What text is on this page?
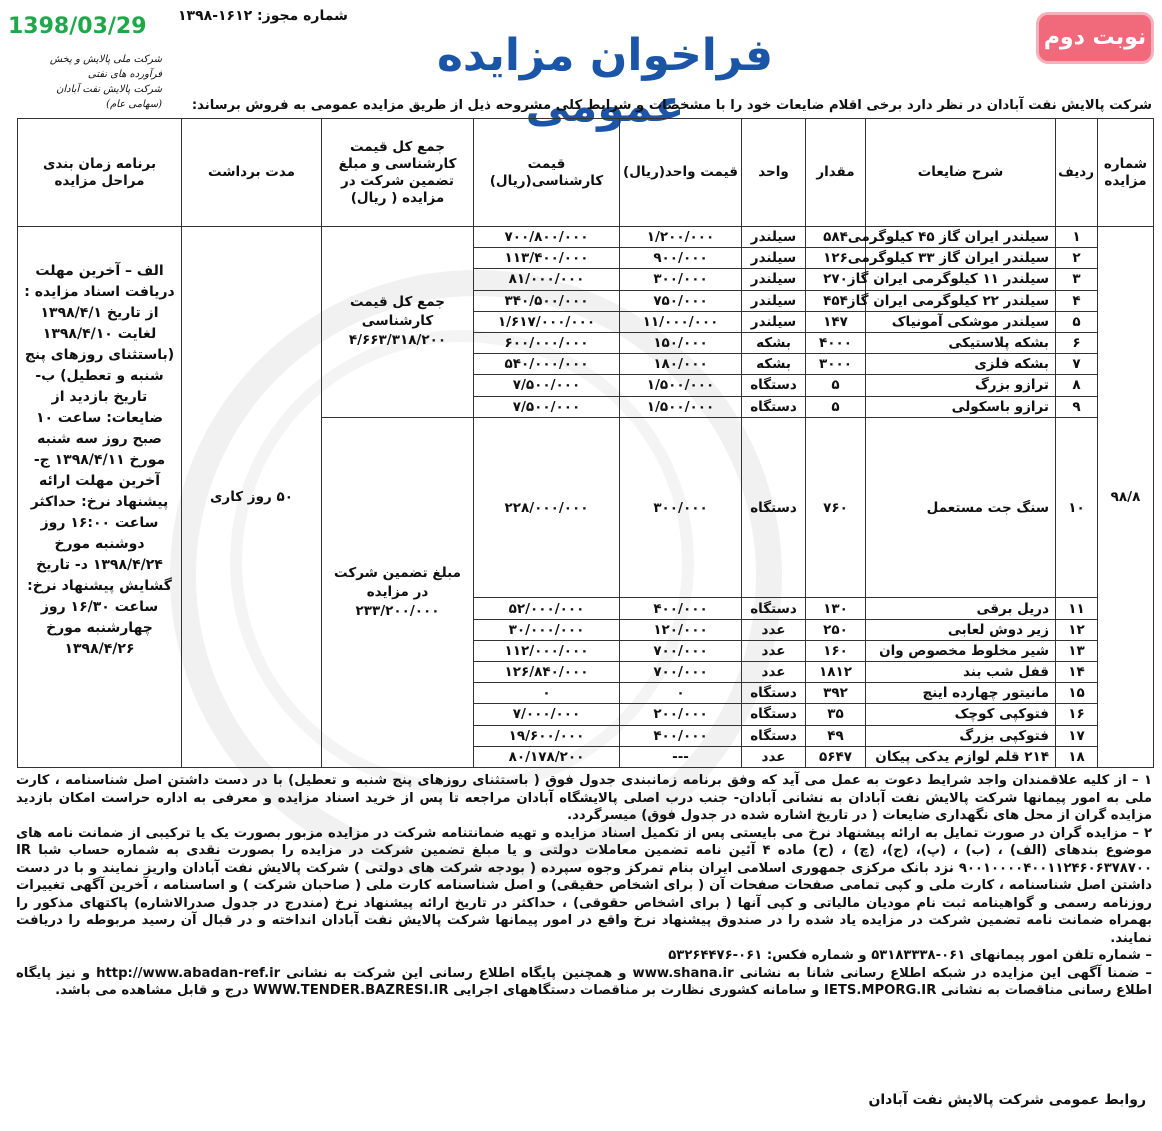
1398/03/29
شرکت ملی پالایش و پخش فرآورده های نفتی
شرکت پالایش نفت آبادان (سهامی عام)
شماره مجوز: ۱۶۱۲-۱۳۹۸
فراخوان مزایده عمومی
نوبت دوم
شرکت پالایش نفت آبادان در نظر دارد برخی اقلام ضایعات خود را با مشخصات و شرایط کلی مشروحه ذیل از طریق مزایده عمومی به فروش برساند:
شماره مزایده	ردیف	شرح ضایعات	مقدار	واحد	قیمت واحد(ریال)	قیمت کارشناسی(ریال)	جمع کل قیمت کارشناسی و مبلغ تضمین شرکت در مزایده ( ریال)	مدت برداشت	برنامه زمان بندی مراحل مزایده
۹۸/۸	۱	سیلندر ایران گاز ۴۵ کیلوگرمی	۵۸۴	سیلندر	۱/۲۰۰/۰۰۰	۷۰۰/۸۰۰/۰۰۰	جمع کل قیمت کارشناسی ۴/۶۶۳/۳۱۸/۲۰۰	۵۰ روز کاری	الف – آخرین مهلت دریافت اسناد مزایده : از تاریخ ۱۳۹۸/۴/۱ لغایت ۱۳۹۸/۴/۱۰ (باستثنای روزهای پنج شنبه و تعطیل) ب- تاریخ بازدید از ضایعات: ساعت ۱۰ صبح روز سه شنبه مورخ ۱۳۹۸/۴/۱۱ ج- آخرین مهلت ارائه پیشنهاد نرخ: حداکثر ساعت ۱۶:۰۰ روز دوشنبه مورخ ۱۳۹۸/۴/۲۴ د- تاریخ گشایش پیشنهاد نرخ: ساعت ۱۶/۳۰ روز چهارشنبه مورخ ۱۳۹۸/۴/۲۶
	۲	سیلندر ایران گاز ۳۳ کیلوگرمی	۱۲۶	سیلندر	۹۰۰/۰۰۰	۱۱۳/۴۰۰/۰۰۰			
	۳	سیلندر ۱۱ کیلوگرمی ایران گاز	۲۷۰	سیلندر	۳۰۰/۰۰۰	۸۱/۰۰۰/۰۰۰			
	۴	سیلندر ۲۲ کیلوگرمی ایران گاز	۴۵۴	سیلندر	۷۵۰/۰۰۰	۳۴۰/۵۰۰/۰۰۰			
	۵	سیلندر موشکی آمونیاک	۱۴۷	سیلندر	۱۱/۰۰۰/۰۰۰	۱/۶۱۷/۰۰۰/۰۰۰			
	۶	بشکه پلاستیکی	۴۰۰۰	بشکه	۱۵۰/۰۰۰	۶۰۰/۰۰۰/۰۰۰			
	۷	بشکه فلزی	۳۰۰۰	بشکه	۱۸۰/۰۰۰	۵۴۰/۰۰۰/۰۰۰			
	۸	ترازو بزرگ	۵	دستگاه	۱/۵۰۰/۰۰۰	۷/۵۰۰/۰۰۰			
	۹	ترازو باسکولی	۵	دستگاه	۱/۵۰۰/۰۰۰	۷/۵۰۰/۰۰۰			
	۱۰	سنگ جت مستعمل	۷۶۰	دستگاه	۳۰۰/۰۰۰	۲۲۸/۰۰۰/۰۰۰	مبلغ تضمین شرکت در مزایده ۲۳۳/۲۰۰/۰۰۰		
	۱۱	دریل برقی	۱۳۰	دستگاه	۴۰۰/۰۰۰	۵۲/۰۰۰/۰۰۰			
	۱۲	زیر دوش لعابی	۲۵۰	عدد	۱۲۰/۰۰۰	۳۰/۰۰۰/۰۰۰			
	۱۳	شیر مخلوط مخصوص وان	۱۶۰	عدد	۷۰۰/۰۰۰	۱۱۲/۰۰۰/۰۰۰			
	۱۴	قفل شب بند	۱۸۱۲	عدد	۷۰۰/۰۰۰	۱۲۶/۸۴۰/۰۰۰			
	۱۵	مانیتور چهارده اینچ	۳۹۲	دستگاه	۰	۰			
	۱۶	فتوکپی کوچک	۳۵	دستگاه	۲۰۰/۰۰۰	۷/۰۰۰/۰۰۰			
	۱۷	فتوکپی بزرگ	۴۹	دستگاه	۴۰۰/۰۰۰	۱۹/۶۰۰/۰۰۰			
	۱۸	۲۱۴ قلم لوازم یدکی پیکان	۵۶۴۷	عدد	---	۸۰/۱۷۸/۲۰۰			

۱ – از کلیه علاقمندان واجد شرایط دعوت به عمل می آید که وفق برنامه زمانبندی جدول فوق ( باستثنای روزهای پنج شنبه و تعطیل) با در دست داشتن اصل شناسنامه ، کارت ملی به امور پیمانها شرکت پالایش نفت آبادان به نشانی آبادان- جنب درب اصلی پالایشگاه آبادان مراجعه تا پس از خرید اسناد مزایده و معرفی به اداره حراست امکان بازدید مزایده گران از محل های نگهداری ضایعات ( در تاریخ اشاره شده در جدول فوق) میسرگردد.

۲ – مزایده گران در صورت تمایل به ارائه پیشنهاد نرخ می بایستی پس از تکمیل اسناد مزایده و تهیه ضمانتنامه شرکت در مزایده مزبور بصورت یک یا ترکیبی از ضمانت نامه های موضوع بندهای (الف) ، (ب) ، (پ)، (ج)، (چ) ، (ح) ماده ۴ آئین نامه تضمین معاملات دولتی و یا مبلغ تضمین شرکت در مزایده را بصورت نقدی به شماره حساب شبا IR ۹۰۰۱۰۰۰۰۴۰۰۱۱۲۴۶۰۶۳۷۸۷۰۰ نزد بانک مرکزی جمهوری اسلامی ایران بنام تمرکز وجوه سپرده ( بودجه شرکت های دولتی ) شرکت پالایش نفت آبادان واریز نمایند و با در دست داشتن اصل شناسنامه ، کارت ملی و کپی تمامی صفحات صفحات آن ( برای اشخاص حقیقی) و اصل شناسنامه کارت ملی ( صاحبان شرکت ) و اساسنامه ، آخرین آگهی تغییرات روزنامه رسمی و گواهینامه ثبت نام مودیان مالیاتی و کپی آنها ( برای اشخاص حقوقی) ، حداکثر در تاریخ ارائه پیشنهاد نرخ (مندرج در جدول صدرالاشاره) پاکتهای مذکور را بهمراه ضمانت نامه تضمین شرکت در مزایده یاد شده را در صندوق پیشنهاد نرخ واقع در امور پیمانها شرکت پالایش نفت آبادان انداخته و در قبال آن رسید مربوطه را دریافت نمایند.

– شماره تلفن امور پیمانهای ۰۶۱-۵۳۱۸۳۳۳۸ و شماره فکس: ۰۶۱-۵۳۲۶۴۴۷۶

– ضمنا آگهی این مزایده در شبکه اطلاع رسانی شانا به نشانی www.shana.ir و همچنین پایگاه اطلاع رسانی این شرکت به نشانی http://www.abadan-ref.ir و نیز پایگاه اطلاع رسانی مناقصات به نشانی IETS.MPORG.IR و سامانه کشوری نظارت بر مناقصات دستگاههای اجرایی WWW.TENDER.BAZRESI.IR درج و قابل مشاهده می باشد.

روابط عمومی شرکت پالایش نفت آبادان
